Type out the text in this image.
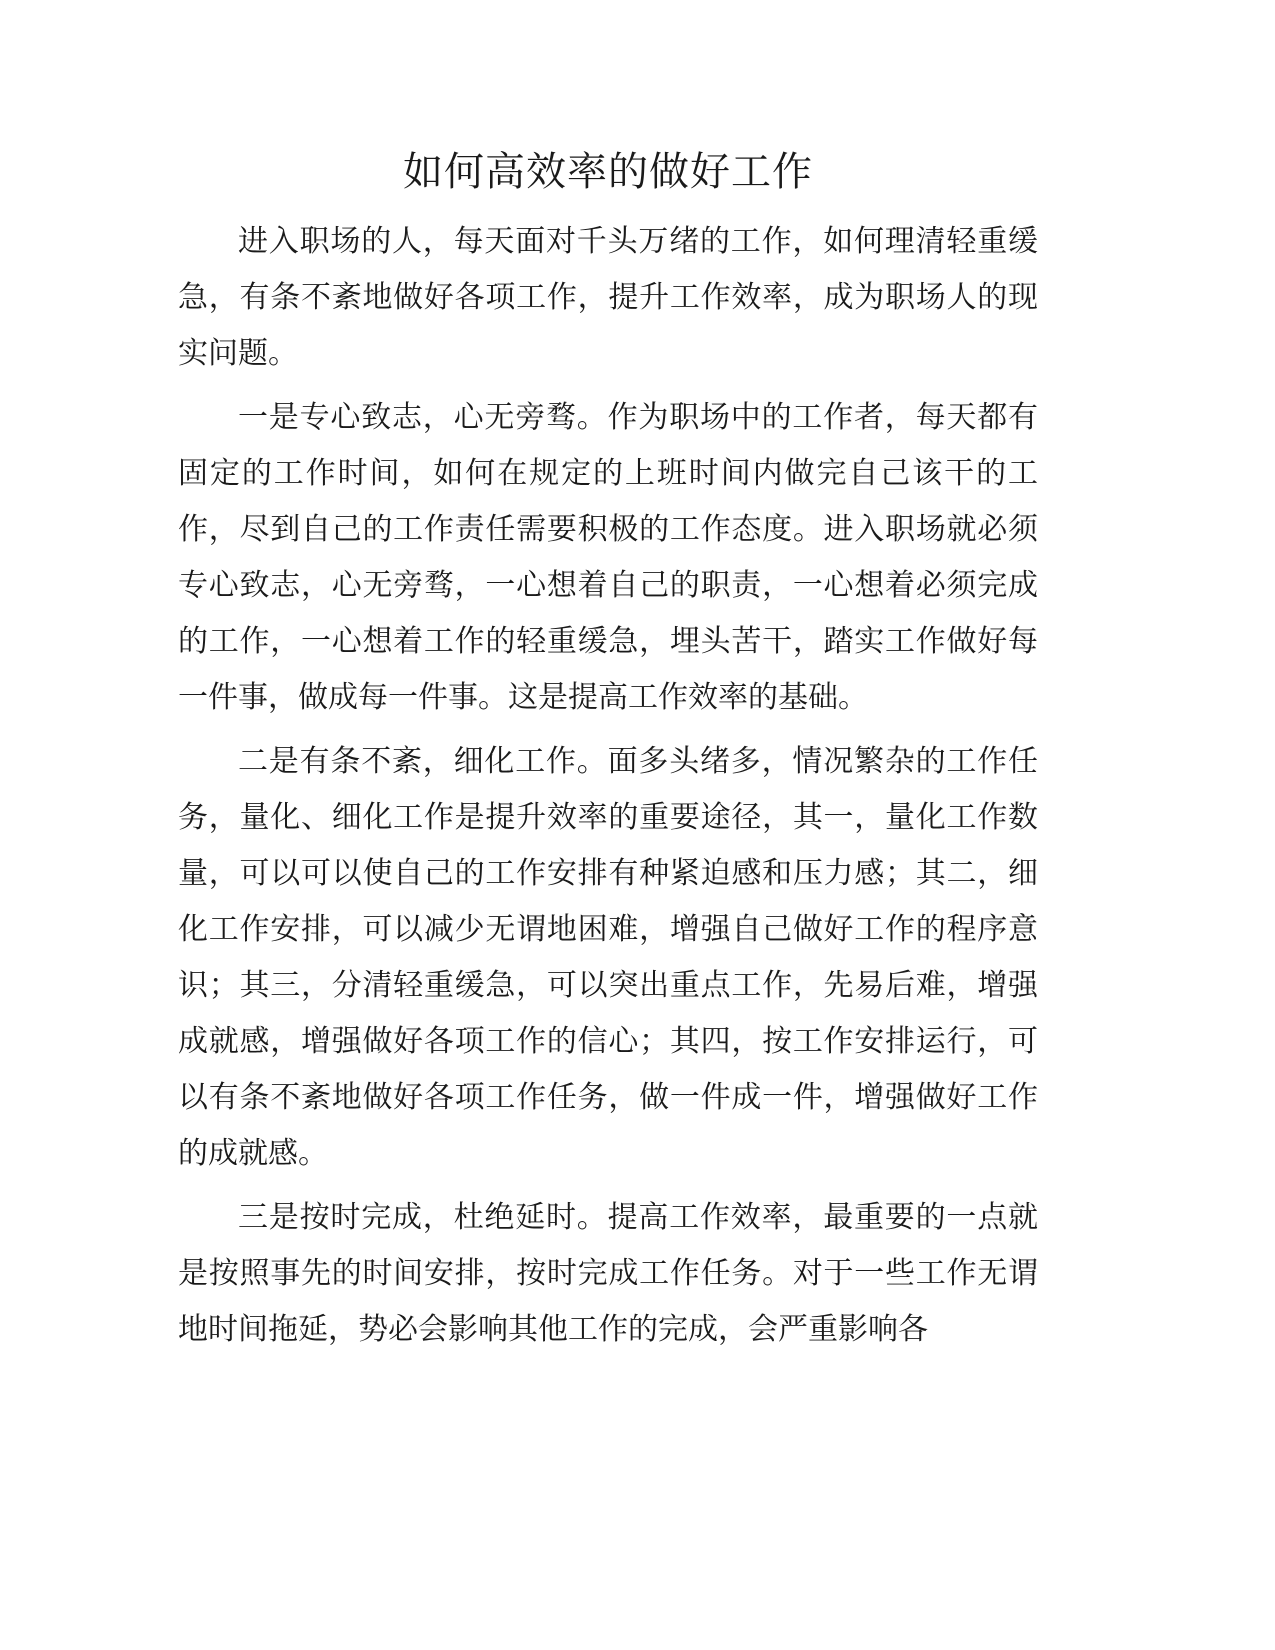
如何高效率的做好工作

进入职场的人，每天面对千头万绪的工作，如何理清轻重缓急，有条不紊地做好各项工作，提升工作效率，成为职场人的现实问题。

一是专心致志，心无旁骛。作为职场中的工作者，每天都有固定的工作时间，如何在规定的上班时间内做完自己该干的工作，尽到自己的工作责任需要积极的工作态度。进入职场就必须专心致志，心无旁骛，一心想着自己的职责，一心想着必须完成的工作，一心想着工作的轻重缓急，埋头苦干，踏实工作做好每一件事，做成每一件事。这是提高工作效率的基础。

二是有条不紊，细化工作。面多头绪多，情况繁杂的工作任务，量化、细化工作是提升效率的重要途径，其一，量化工作数量，可以可以使自己的工作安排有种紧迫感和压力感；其二，细化工作安排，可以减少无谓地困难，增强自己做好工作的程序意识；其三，分清轻重缓急，可以突出重点工作，先易后难，增强成就感，增强做好各项工作的信心；其四，按工作安排运行，可以有条不紊地做好各项工作任务，做一件成一件，增强做好工作的成就感。

三是按时完成，杜绝延时。提高工作效率，最重要的一点就是按照事先的时间安排，按时完成工作任务。对于一些工作无谓地时间拖延，势必会影响其他工作的完成，会严重影响各
